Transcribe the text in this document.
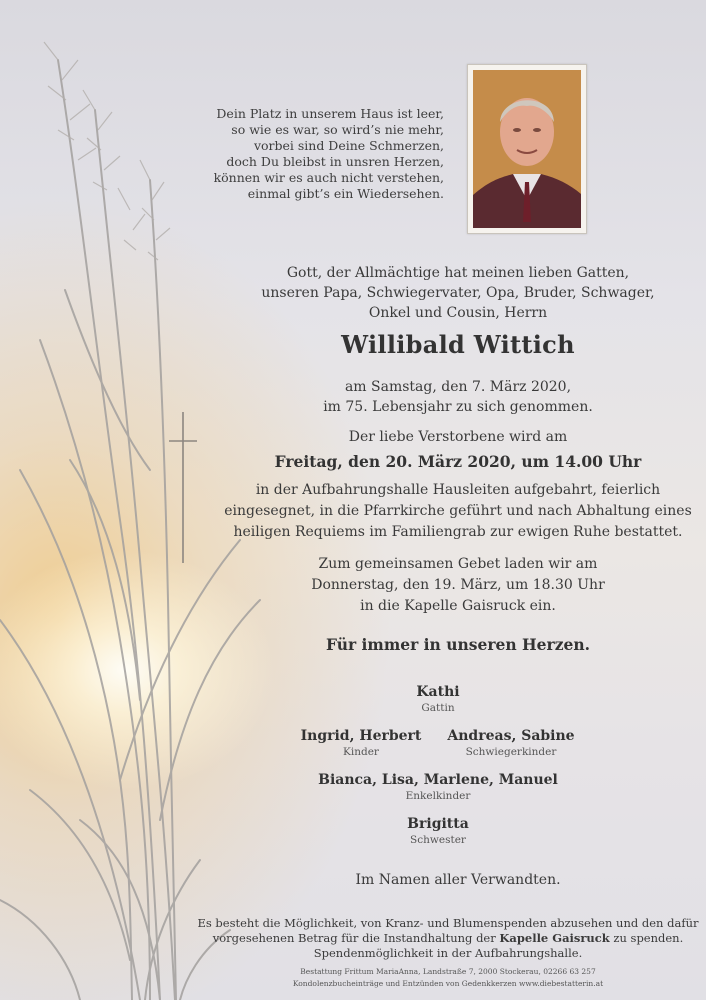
Dein Platz in unserem Haus ist leer,
so wie es war, so wird’s nie mehr,
vorbei sind Deine Schmerzen,
doch Du bleibst in unsren Herzen,
können wir es auch nicht verstehen,
einmal gibt’s ein Wiedersehen.
Gott, der Allmächtige hat meinen lieben Gatten,
unseren Papa, Schwiegervater, Opa, Bruder, Schwager,
Onkel und Cousin, Herrn
Willibald Wittich
am Samstag, den 7. März 2020,
im 75. Lebensjahr zu sich genommen.
Der liebe Verstorbene wird am
Freitag, den 20. März 2020, um 14.00 Uhr
in der Aufbahrungshalle Hausleiten aufgebahrt, feierlich
eingesegnet, in die Pfarrkirche geführt und nach Abhaltung eines
heiligen Requiems im Familiengrab zur ewigen Ruhe bestattet.
Zum gemeinsamen Gebet laden wir am
Donnerstag, den 19. März, um 18.30 Uhr
in die Kapelle Gaisruck ein.
Für immer in unseren Herzen.
Kathi
Gattin
Ingrid, Herbert
Kinder
Andreas, Sabine
Schwiegerkinder
Bianca, Lisa, Marlene, Manuel
Enkelkinder
Brigitta
Schwester
Im Namen aller Verwandten.
Es besteht die Möglichkeit, von Kranz- und Blumenspenden abzusehen und den dafür
vorgesehenen Betrag für die Instandhaltung der Kapelle Gaisruck zu spenden.
Spendenmöglichkeit in der Aufbahrungshalle.
Bestattung Frittum MariaAnna, Landstraße 7, 2000 Stockerau, 02266 63 257
Kondolenzbucheinträge und Entzünden von Gedenkkerzen www.diebestatterin.at
